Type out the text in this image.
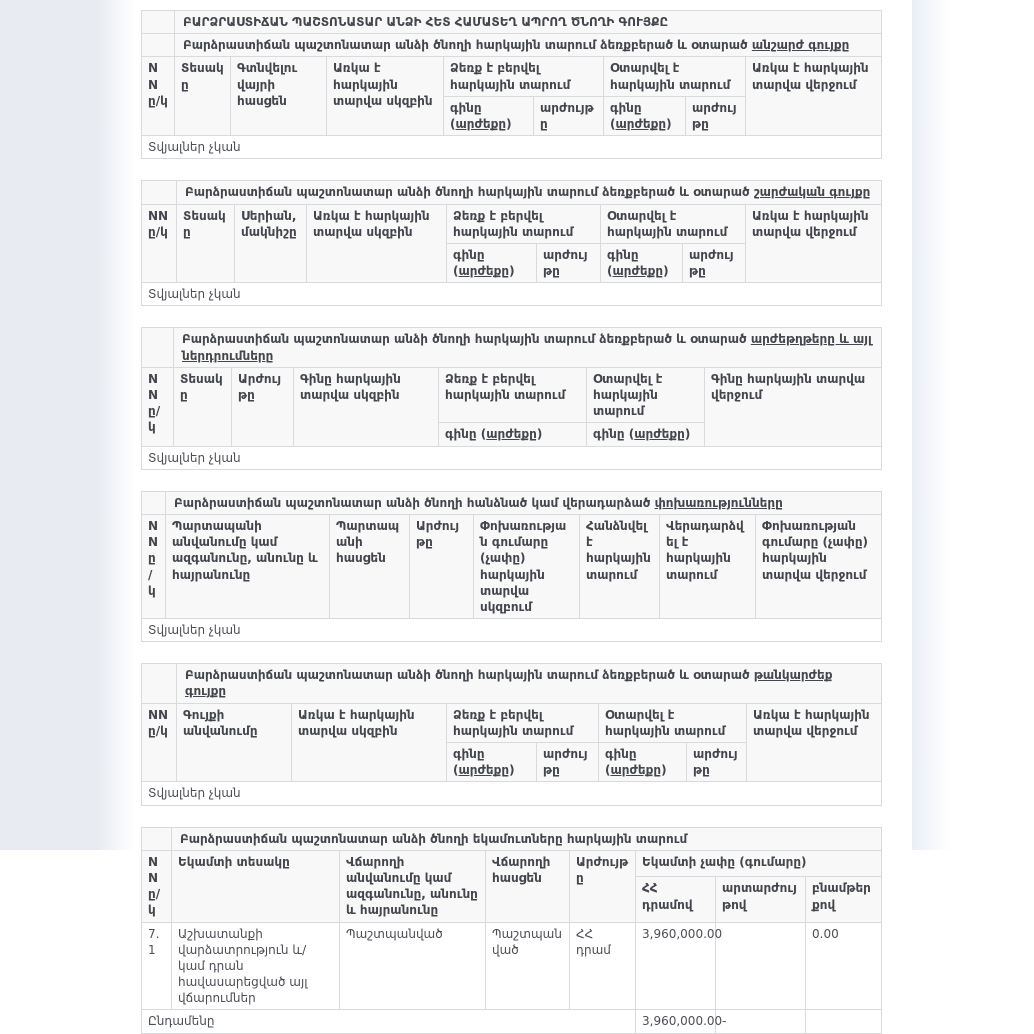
	ԲԱՐՁՐԱՍՏԻՃԱՆ ՊԱՇՏՈՆԱՏԱՐ ԱՆՁԻ ՀԵՏ ՀԱՄԱՏԵՂ ԱՊՐՈՂ ԾՆՈՂԻ ԳՈՒՅՔԸ							
	Բարձրաստիճան պաշտոնատար անձի ծնողի հարկային տարում ձեռքբերած և օտարած անշարժ գույքը							
NN ը/կ	Տեսակը	Գտնվելու վայրի հասցեն	Առկա է հարկային տարվա սկզբին	Ձեռք է բերվել հարկային տարում		Օտարվել է հարկային տարում		Առկա է հարկային տարվա վերջում
				գինը (արժեքը)	արժույթը	գինը (արժեքը)	արժույթը	
Տվյալներ չկան								
	Բարձրաստիճան պաշտոնատար անձի ծնողի հարկային տարում ձեռքբերած և օտարած շարժական գույքը							
NN ը/կ	Տեսակը	Սերիան, մակնիշը	Առկա է հարկային տարվա սկզբին	Ձեռք է բերվել հարկային տարում		Օտարվել է հարկային տարում		Առկա է հարկային տարվա վերջում
				գինը (արժեքը)	արժույթը	գինը (արժեքը)	արժույթը	
Տվյալներ չկան								
	Բարձրաստիճան պաշտոնատար անձի ծնողի հարկային տարում ձեռքբերած և օտարած արժեթղթերը և այլ ներդրումները					
NN ը/կ	Տեսակը	Արժույթը	Գինը հարկային տարվա սկզբին	Ձեռք է բերվել հարկային տարում	Օտարվել է հարկային տարում	Գինը հարկային տարվա վերջում
				գինը (արժեքը)	գինը (արժեքը)	
Տվյալներ չկան						
	Բարձրաստիճան պաշտոնատար անձի ծնողի հանձնած կամ վերադարձած փոխառությունները						
NN ը/կ	Պարտապանի անվանումը կամ ազգանունը, անունը և հայրանունը	Պարտապանի հասցեն	Արժույթը	Փոխառության գումարը (չափը) հարկային տարվա սկզբում	Հանձնվել է հարկային տարում	Վերադարձվել է հարկային տարում	Փոխառության գումարը (չափը) հարկային տարվա վերջում
Տվյալներ չկան							
	Բարձրաստիճան պաշտոնատար անձի ծնողի հարկային տարում ձեռքբերած և օտարած թանկարժեք գույքը						
NN ը/կ	Գույքի անվանումը	Առկա է հարկային տարվա սկզբին	Ձեռք է բերվել հարկային տարում		Օտարվել է հարկային տարում		Առկա է հարկային տարվա վերջում
			գինը (արժեքը)	արժույթը	գինը (արժեքը)	արժույթը	
Տվյալներ չկան							
	Բարձրաստիճան պաշտոնատար անձի ծնողի եկամուտները հարկային տարում						
NN ը/կ	Եկամտի տեսակը	Վճարողի անվանումը կամ ազգանունը, անունը և հայրանունը	Վճարողի հասցեն	Արժույթը	Եկամտի չափը (գումարը)		
					ՀՀ դրամով	արտարժույթով	բնամթերքով
7.1	Աշխատանքի վարձատրություն և/կամ դրան հավասարեցված այլ վճարումներ	Պաշտպանված	Պաշտպանված	ՀՀ դրամ	3,960,000.00		0.00
Ընդամենը					3,960,000.00	-	
